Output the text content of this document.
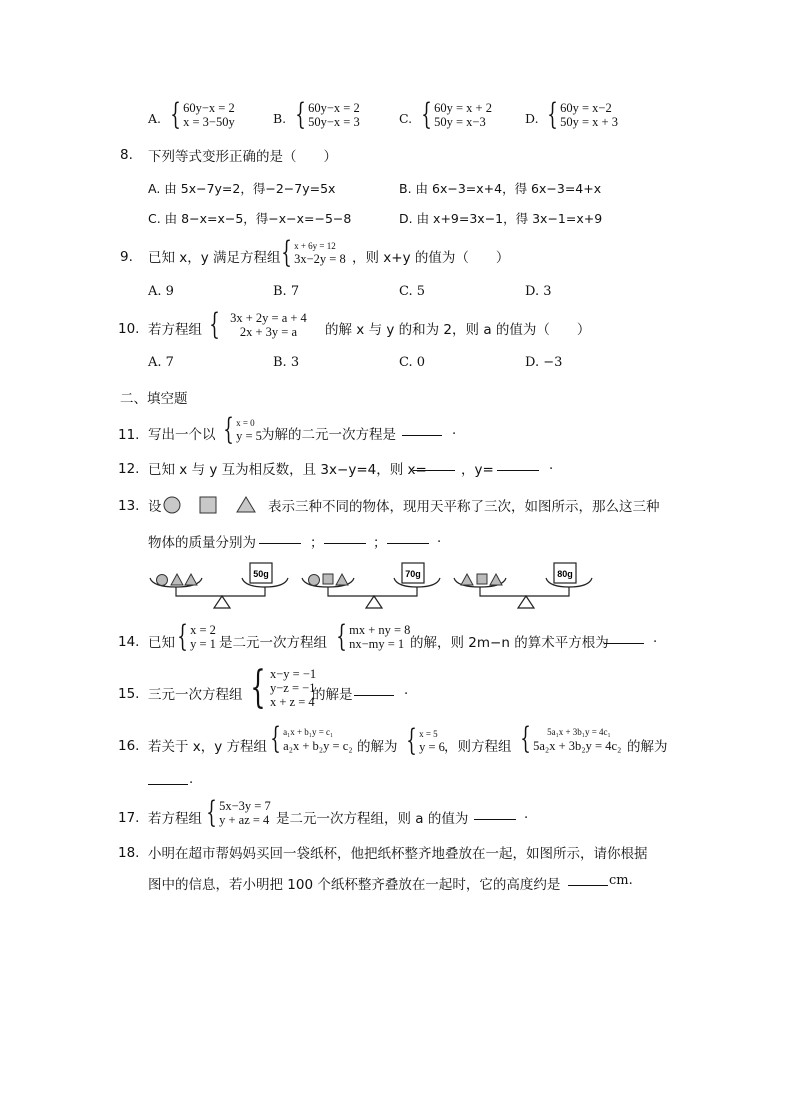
A. { 60y−x = 2
x = 3−50y	B. { 60y−x = 2
50y−x = 3	C. { 60y = x + 2
50y = x−3	D. { 60y = x−2
50y = x + 3
8. 下列等式变形正确的是（　　）
A. 由 5x−7y=2，得−2−7y=5x	B. 由 6x−3=x+4，得 6x−3=4+x
C. 由 8−x=x−5，得−x−x=−5−8	D. 由 x+9=3x−1，得 3x−1=x+9
9. 已知 x，y 满足方程组 { x + 6y = 12
3x−2y = 8 ，则 x+y 的值为（　　）
A. 9	B. 7	C. 5	D. 3
10. 若方程组 { 3x + 2y = a + 4
2x + 3y = a	的解 x 与 y 的和为 2，则 a 的值为（　　）
A. 7	B. 3	C. 0	D. −3
二、填空题
11. 写出一个以 { x = 0
y = 5 为解的二元一次方程是	.
12. 已知 x 与 y 互为相反数，且 3x−y=4，则 x=	，y=	.
13. 设	表示三种不同的物体，现用天平称了三次，如图所示，那么这三种
物体的质量分别为	；	；	.
50g	70g	80g
14. 已知 { x = 2
y = 1 是二元一次方程组 { mx + ny = 8
nx−my = 1 的解，则 2m−n 的算术平方根为	.
15. 三元一次方程组 { x−y = −1
y−z = −1
x + z = 4
的解是	.
16. 若关于 x，y 方程组 { a₁x + b₁y = c₁
a₂x + b₂y = c₂ 的解为 { x = 5
y = 6 ，则方程组 { 5a₁x + 3b₁y = 4c₁
5a₂x + 3b₂y = 4c₂ 的解为
.
17. 若方程组 { 5x−3y = 7
y + az = 4 是二元一次方程组，则 a 的值为	.
18. 小明在超市帮妈妈买回一袋纸杯，他把纸杯整齐地叠放在一起，如图所示，请你根据
图中的信息，若小明把 100 个纸杯整齐叠放在一起时，它的高度约是	cm.
